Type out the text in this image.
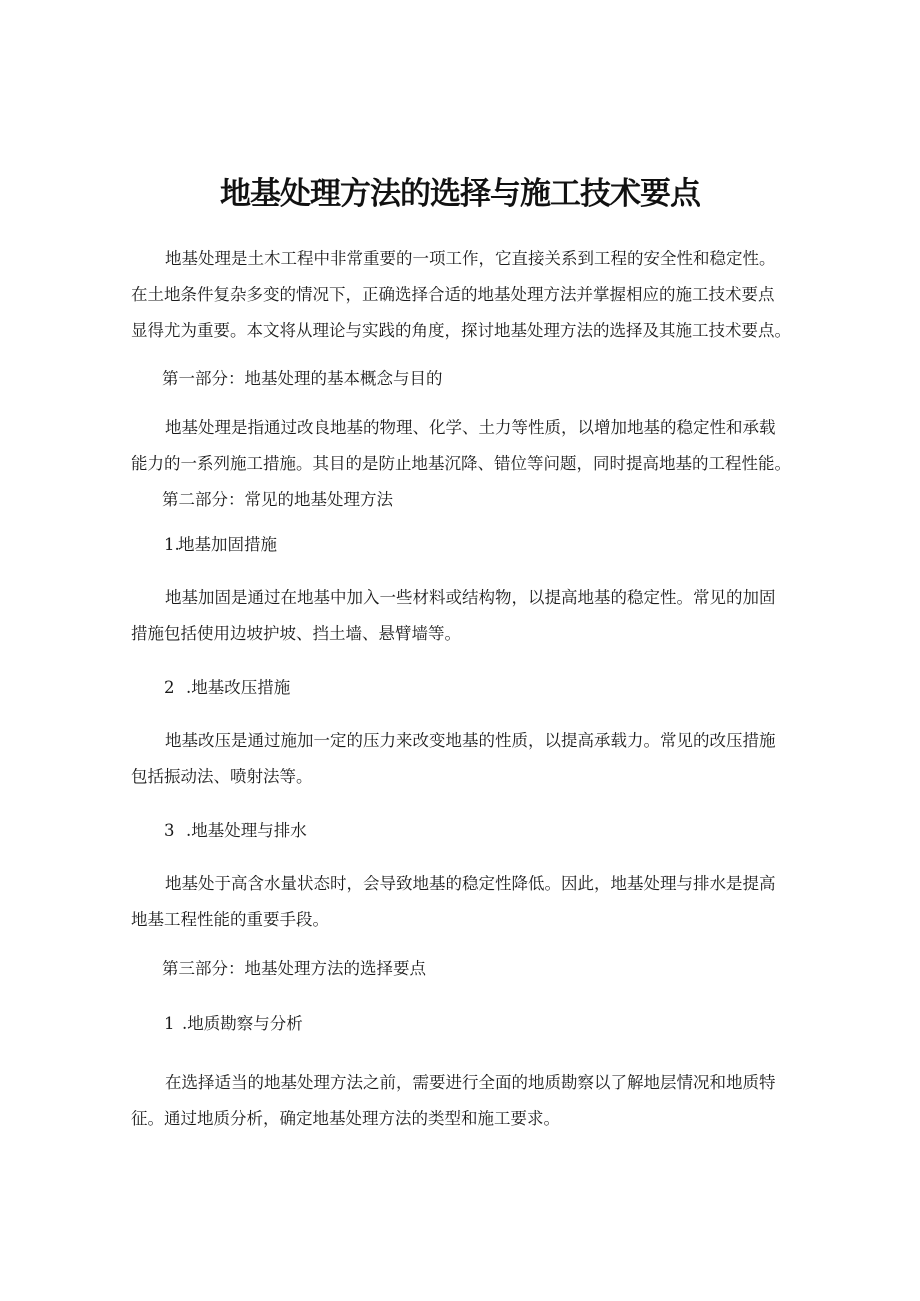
地基处理方法的选择与施工技术要点

地基处理是土木工程中非常重要的一项工作，它直接关系到工程的安全性和稳定性。
在土地条件复杂多变的情况下，正确选择合适的地基处理方法并掌握相应的施工技术要点
显得尤为重要。本文将从理论与实践的角度，探讨地基处理方法的选择及其施工技术要点。

第一部分：地基处理的基本概念与目的

地基处理是指通过改良地基的物理、化学、土力等性质，以增加地基的稳定性和承载
能力的一系列施工措施。其目的是防止地基沉降、错位等问题，同时提高地基的工程性能。

第二部分：常见的地基处理方法

1.地基加固措施

地基加固是通过在地基中加入一些材料或结构物，以提高地基的稳定性。常见的加固
措施包括使用边坡护坡、挡土墙、悬臂墙等。

2 .地基改压措施

地基改压是通过施加一定的压力来改变地基的性质，以提高承载力。常见的改压措施
包括振动法、喷射法等。

3 .地基处理与排水

地基处于高含水量状态时，会导致地基的稳定性降低。因此，地基处理与排水是提高
地基工程性能的重要手段。

第三部分：地基处理方法的选择要点

1 .地质勘察与分析

在选择适当的地基处理方法之前，需要进行全面的地质勘察以了解地层情况和地质特
征。通过地质分析，确定地基处理方法的类型和施工要求。
